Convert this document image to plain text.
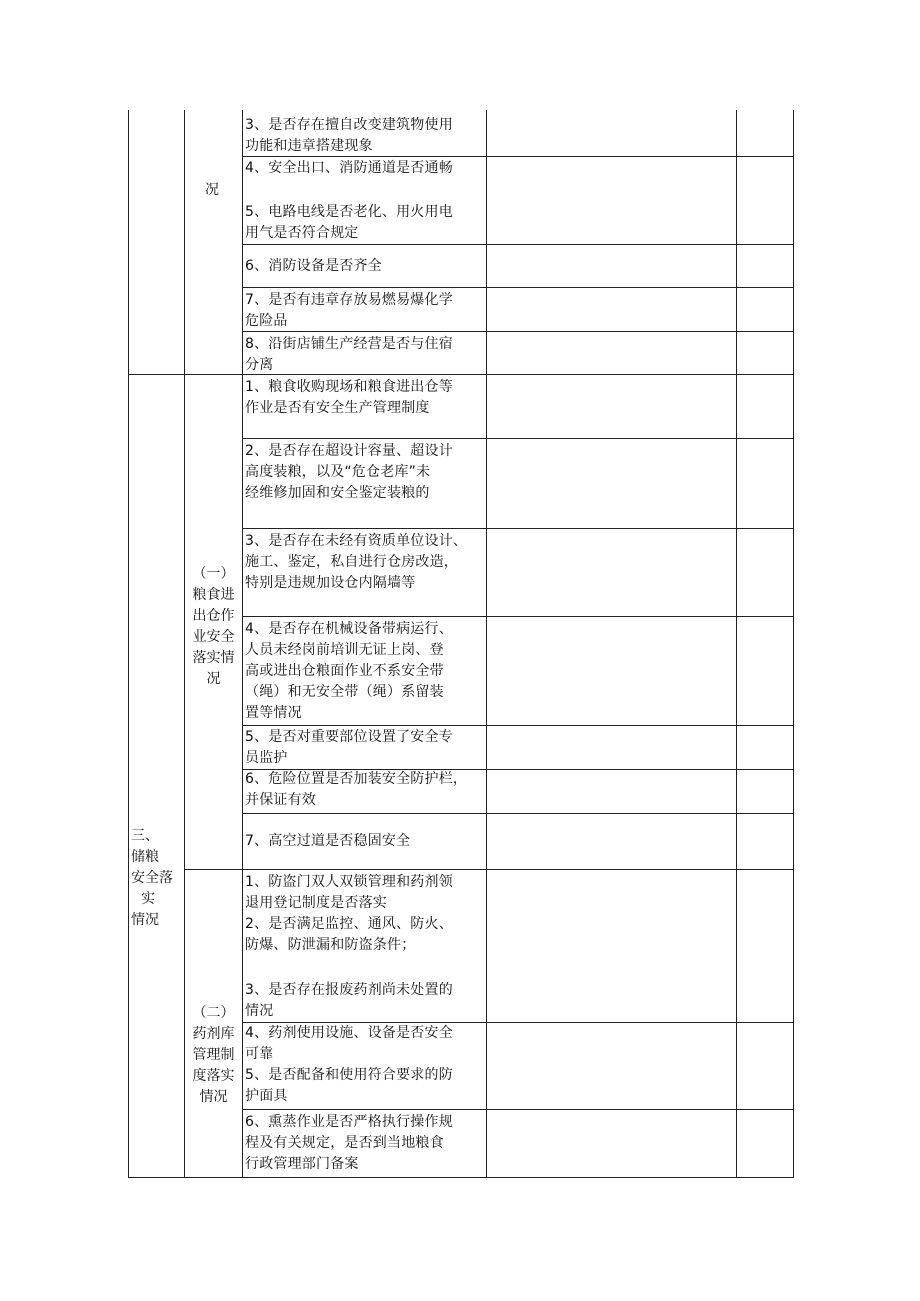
况
三、
储粮
安全落
实
情况
（一）
粮食进
出仓作
业安全
落实情
况
（二）
药剂库
管理制
度落实
情况
3、是否存在擅自改变建筑物使用
功能和违章搭建现象
4、安全出口、消防通道是否通畅
5、电路电线是否老化、用火用电
用气是否符合规定
6、消防设备是否齐全
7、是否有违章存放易燃易爆化学
危险品
8、沿街店铺生产经营是否与住宿
分离
1、粮食收购现场和粮食进出仓等
作业是否有安全生产管理制度
2、是否存在超设计容量、超设计
高度装粮，以及“危仓老库”未
经维修加固和安全鉴定装粮的
3、是否存在未经有资质单位设计、
施工、鉴定，私自进行仓房改造，
特别是违规加设仓内隔墙等
4、是否存在机械设备带病运行、
人员未经岗前培训无证上岗、登
高或进出仓粮面作业不系安全带
（绳）和无安全带（绳）系留装
置等情况
5、是否对重要部位设置了安全专
员监护
6、危险位置是否加装安全防护栏，
并保证有效
7、高空过道是否稳固安全
1、防盗门双人双锁管理和药剂领
退用登记制度是否落实
2、是否满足监控、通风、防火、
防爆、防泄漏和防盗条件；
3、是否存在报废药剂尚未处置的
情况
4、药剂使用设施、设备是否安全
可靠
5、是否配备和使用符合要求的防
护面具
6、熏蒸作业是否严格执行操作规
程及有关规定，是否到当地粮食
行政管理部门备案
